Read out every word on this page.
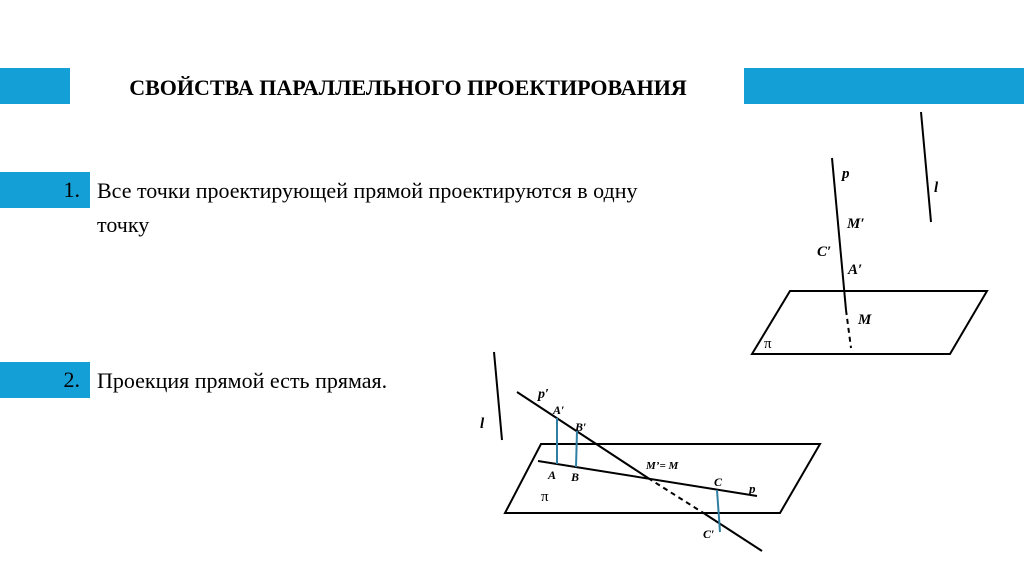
СВОЙСТВА ПАРАЛЛЕЛЬНОГО ПРОЕКТИРОВАНИЯ
1. Все точки проектирующей прямой проектируются в одну
точку
2. Проекция прямой есть прямая.
p
l
M′
C′
A′
M
π
p′
A′
B′
l
A B
M’= M
C p
π
C′
